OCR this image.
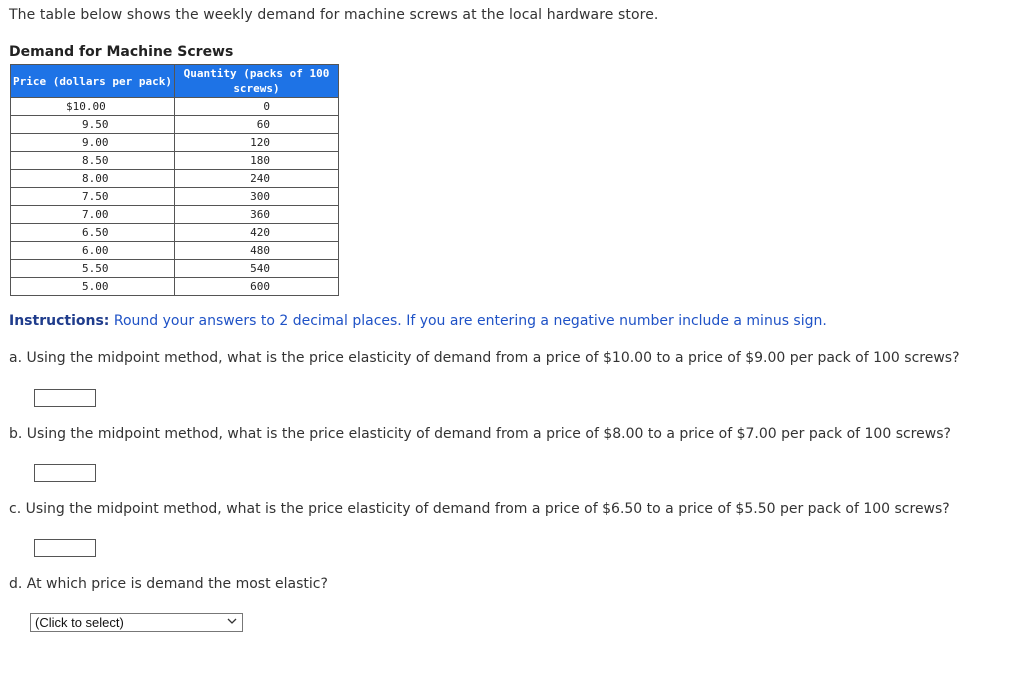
The table below shows the weekly demand for machine screws at the local hardware store.
Demand for Machine Screws
Price (dollars per pack)	Quantity (packs of 100 screws)
$10.00	0
9.50	60
9.00	120
8.50	180
8.00	240
7.50	300
7.00	360
6.50	420
6.00	480
5.50	540
5.00	600
Instructions: Round your answers to 2 decimal places. If you are entering a negative number include a minus sign.
a. Using the midpoint method, what is the price elasticity of demand from a price of $10.00 to a price of $9.00 per pack of 100 screws?
b. Using the midpoint method, what is the price elasticity of demand from a price of $8.00 to a price of $7.00 per pack of 100 screws?
c. Using the midpoint method, what is the price elasticity of demand from a price of $6.50 to a price of $5.50 per pack of 100 screws?
d. At which price is demand the most elastic?
(Click to select)
